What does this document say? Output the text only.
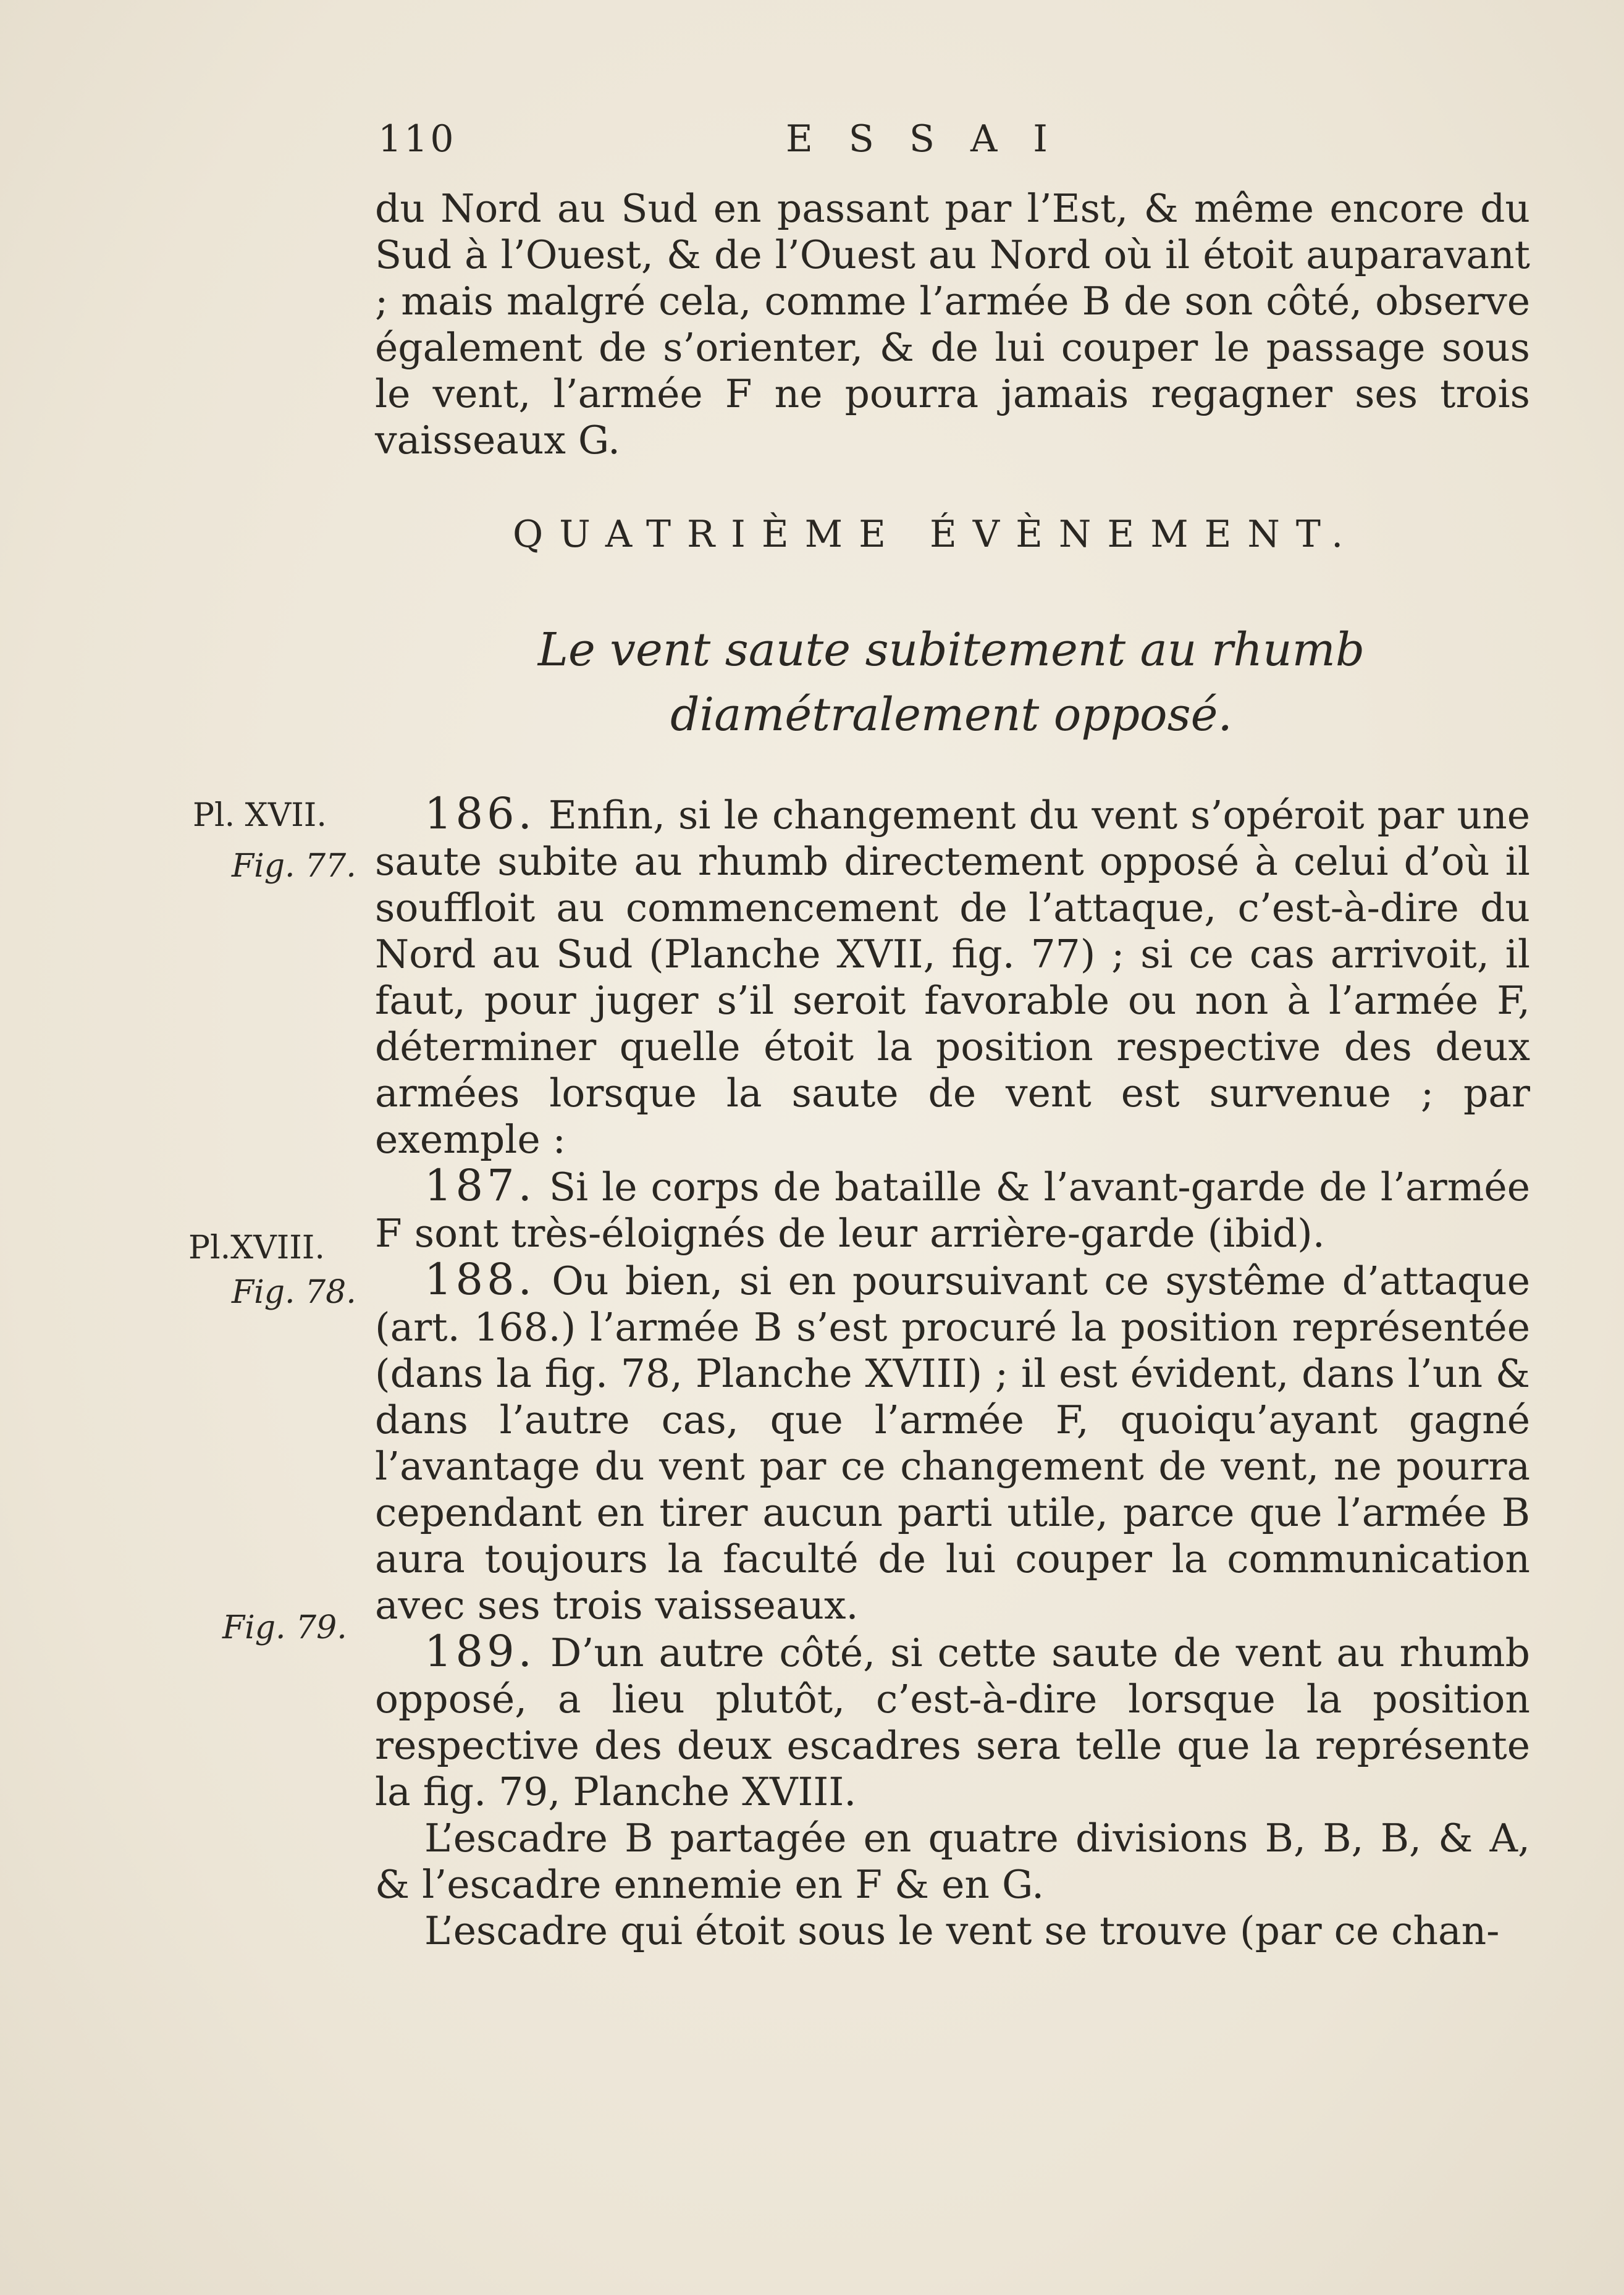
110	ESSAI

du Nord au Sud en passant par l’Est, & même encore du Sud à l’Ouest, & de l’Ouest au Nord où il étoit auparavant ; mais malgré cela, comme l’armée B de son côté, observe également de s’orienter, & de lui couper le passage sous le vent, l’armée F ne pourra jamais regagner ses trois vaisseaux G.

QUATRIÈME ÉVÈNEMENT.
Le vent saute subitement au rhumb diamétralement opposé.
Pl. XVII.
Fig. 77.
Pl.XVIII.
Fig. 78.
Fig. 79.

186. Enfin, si le changement du vent s’opéroit par une saute subite au rhumb directement opposé à celui d’où il souffloit au commencement de l’attaque, c’est-à-dire du Nord au Sud (Planche XVII, fig. 77) ; si ce cas arrivoit, il faut, pour juger s’il seroit favorable ou non à l’armée F, déterminer quelle étoit la position respective des deux armées lorsque la saute de vent est survenue ; par exemple :

187. Si le corps de bataille & l’avant-garde de l’armée F sont très-éloignés de leur arrière-garde (ibid).

188. Ou bien, si en poursuivant ce systême d’attaque (art. 168.) l’armée B s’est procuré la position représentée (dans la fig. 78, Planche XVIII) ; il est évident, dans l’un & dans l’autre cas, que l’armée F, quoiqu’ayant gagné l’avantage du vent par ce changement de vent, ne pourra cependant en tirer aucun parti utile, parce que l’armée B aura toujours la faculté de lui couper la communication avec ses trois vaisseaux.

189. D’un autre côté, si cette saute de vent au rhumb opposé, a lieu plutôt, c’est-à-dire lorsque la position respective des deux escadres sera telle que la représente la fig. 79, Planche XVIII.

L’escadre B partagée en quatre divisions B, B, B, & A, & l’escadre ennemie en F & en G.

L’escadre qui étoit sous le vent se trouve (par ce chan-
